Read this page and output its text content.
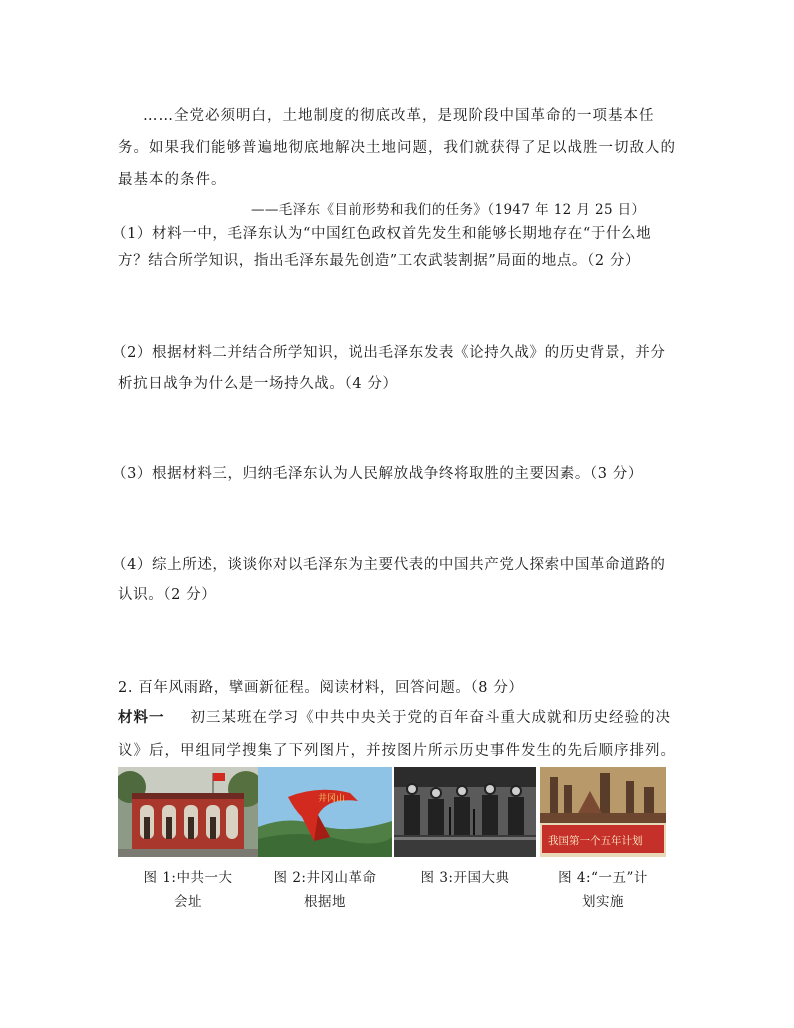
……全党必须明白，土地制度的彻底改革，是现阶段中国革命的一项基本任
务。如果我们能够普遍地彻底地解决土地问题，我们就获得了足以战胜一切敌人的
最基本的条件。
——毛泽东《目前形势和我们的任务》（1947 年 12 月 25 日）
（1）材料一中，毛泽东认为“中国红色政权首先发生和能够长期地存在“于什么地
方？结合所学知识，指出毛泽东最先创造”工农武装割据”局面的地点。（2 分）
（2）根据材料二并结合所学知识，说出毛泽东发表《论持久战》的历史背景，并分
析抗日战争为什么是一场持久战。（4 分）
（3）根据材料三，归纳毛泽东认为人民解放战争终将取胜的主要因素。（3 分）
（4）综上所述，谈谈你对以毛泽东为主要代表的中国共产党人探索中国革命道路的
认识。（2 分）
2. 百年风雨路，擘画新征程。阅读材料，回答问题。（8 分）
材料一 初三某班在学习《中共中央关于党的百年奋斗重大成就和历史经验的决
议》后，甲组同学搜集了下列图片，并按图片所示历史事件发生的先后顺序排列。
井冈山
我国第一个五年计划
图 1:中共一大
会址
图 2:井冈山革命
根据地
图 3:开国大典	图 4:“一五”计
划实施
